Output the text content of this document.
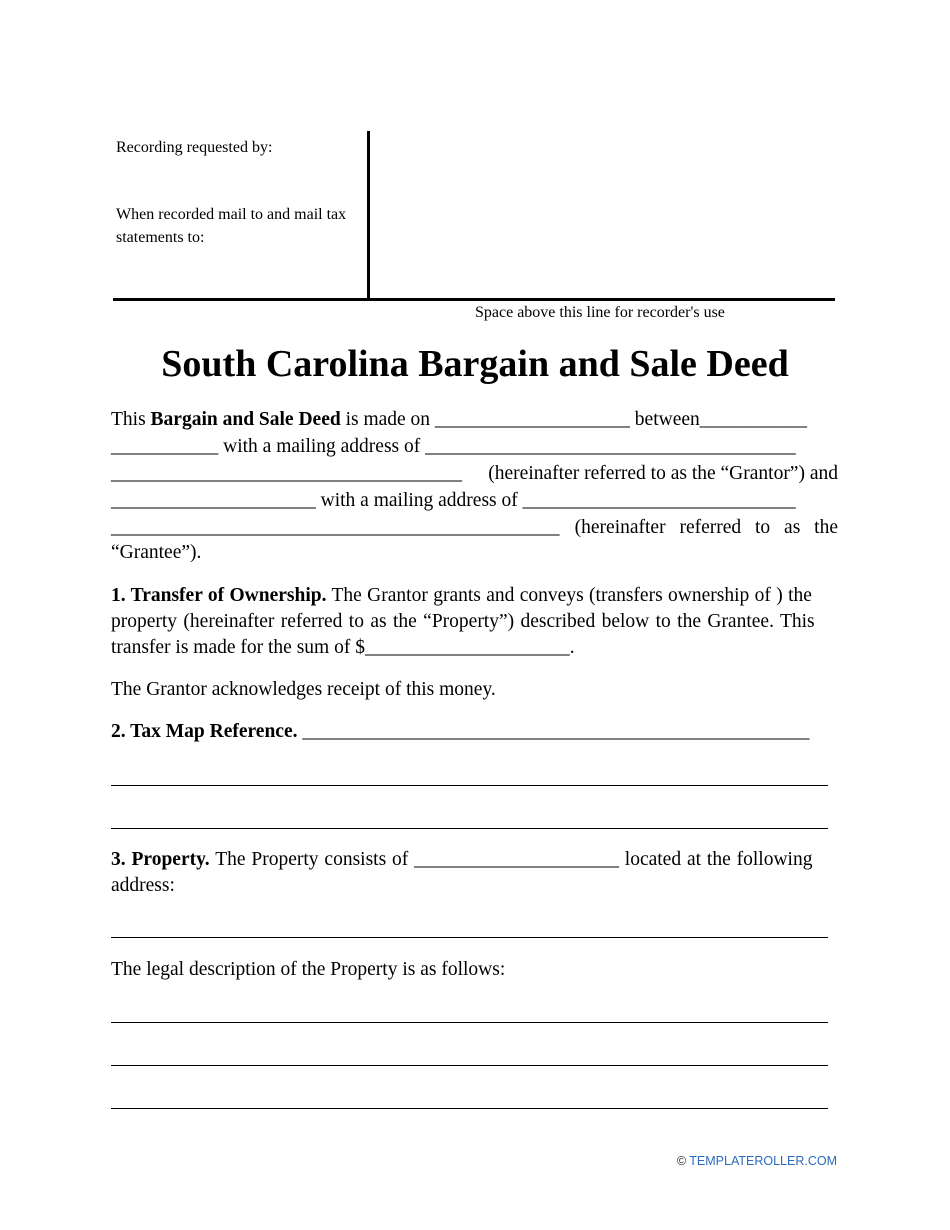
Recording requested by:
When recorded mail to and mail tax
statements to:
Space above this line for recorder's use
South Carolina Bargain and Sale Deed
This Bargain and Sale Deed is made on ____________________ between___________
___________ with a mailing address of ______________________________________
____________________________________ (hereinafter referred to as the “Grantor”) and
_____________________ with a mailing address of ____________________________
______________________________________________ (hereinafter referred to as the
“Grantee”).
1. Transfer of Ownership. The Grantor grants and conveys (transfers ownership of ) the
property (hereinafter referred to as the “Property”) described below to the Grantee. This
transfer is made for the sum of $_____________________.
The Grantor acknowledges receipt of this money.
2. Tax Map Reference. ____________________________________________________
3. Property. The Property consists of _____________________ located at the following
address:
The legal description of the Property is as follows:
© TEMPLATEROLLER.COM
